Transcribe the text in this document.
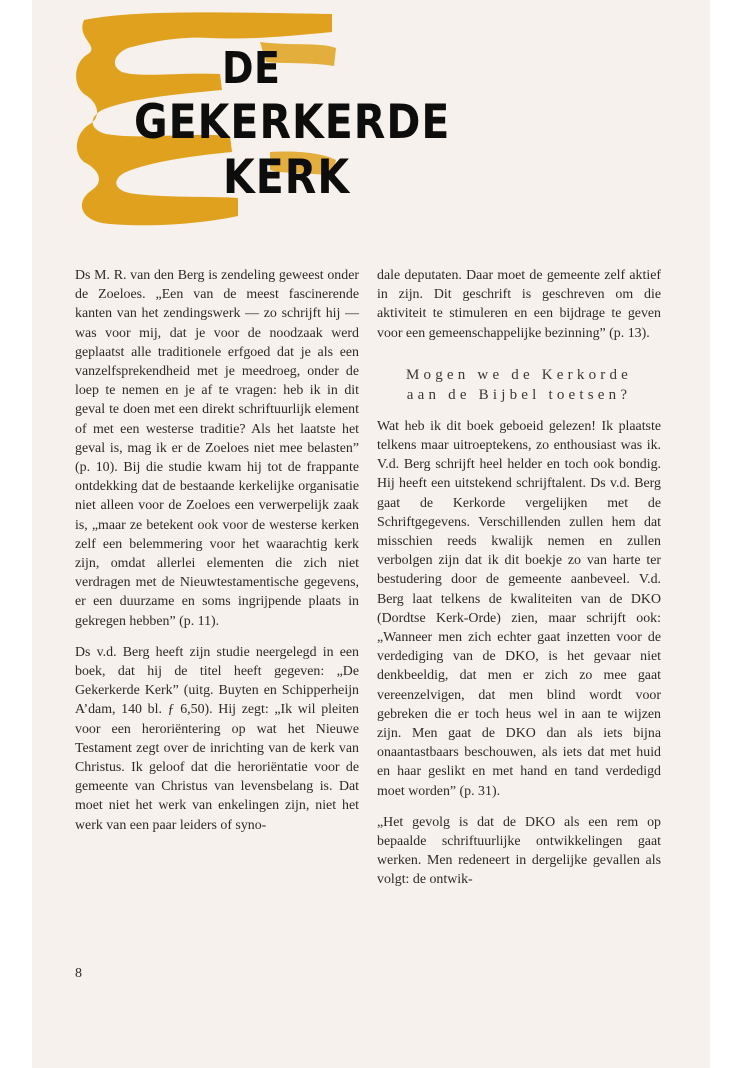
DE
GEKERKERDE
KERK

Ds M. R. van den Berg is zendeling geweest onder de Zoeloes. „Een van de meest fascinerende kanten van het zendingswerk — zo schrijft hij — was voor mij, dat je voor de noodzaak werd geplaatst alle traditionele erfgoed dat je als een vanzelfsprekendheid met je meedroeg, onder de loep te nemen en je af te vragen: heb ik in dit geval te doen met een direkt schriftuurlijk element of met een westerse traditie? Als het laatste het geval is, mag ik er de Zoeloes niet mee belasten” (p. 10). Bij die studie kwam hij tot de frappante ontdekking dat de bestaande kerkelijke organisatie niet alleen voor de Zoeloes een verwerpelijk zaak is, „maar ze betekent ook voor de westerse kerken zelf een belemmering voor het waarachtig kerk zijn, omdat allerlei elementen die zich niet verdragen met de Nieuwtestamentische gegevens, er een duurzame en soms ingrijpende plaats in gekregen hebben” (p. 11).

Ds v.d. Berg heeft zijn studie neergelegd in een boek, dat hij de titel heeft gegeven: „De Gekerkerde Kerk” (uitg. Buyten en Schipperheijn A’dam, 140 bl. ƒ 6,50). Hij zegt: „Ik wil pleiten voor een heroriëntering op wat het Nieuwe Testament zegt over de inrichting van de kerk van Christus. Ik geloof dat die heroriëntatie voor de gemeente van Christus van levensbelang is. Dat moet niet het werk van enkelingen zijn, niet het werk van een paar leiders of syno-

dale deputaten. Daar moet de gemeente zelf aktief in zijn. Dit geschrift is geschreven om die aktiviteit te stimuleren en een bijdrage te geven voor een gemeenschappelijke bezinning” (p. 13).

Mogen we de Kerkorde
aan de Bijbel toetsen?

Wat heb ik dit boek geboeid gelezen! Ik plaatste telkens maar uitroeptekens, zo enthousiast was ik. V.d. Berg schrijft heel helder en toch ook bondig. Hij heeft een uitstekend schrijftalent. Ds v.d. Berg gaat de Kerkorde vergelijken met de Schriftgegevens. Verschillenden zullen hem dat misschien reeds kwalijk nemen en zullen verbolgen zijn dat ik dit boekje zo van harte ter bestudering door de gemeente aanbeveel. V.d. Berg laat telkens de kwaliteiten van de DKO (Dordtse Kerk-Orde) zien, maar schrijft ook: „Wanneer men zich echter gaat inzetten voor de verdediging van de DKO, is het gevaar niet denkbeeldig, dat men er zich zo mee gaat vereenzelvigen, dat men blind wordt voor gebreken die er toch heus wel in aan te wijzen zijn. Men gaat de DKO dan als iets bijna onaantastbaars beschouwen, als iets dat met huid en haar geslikt en met hand en tand verdedigd moet worden” (p. 31).

„Het gevolg is dat de DKO als een rem op bepaalde schriftuurlijke ontwikkelingen gaat werken. Men redeneert in dergelijke gevallen als volgt: de ontwik-

8
